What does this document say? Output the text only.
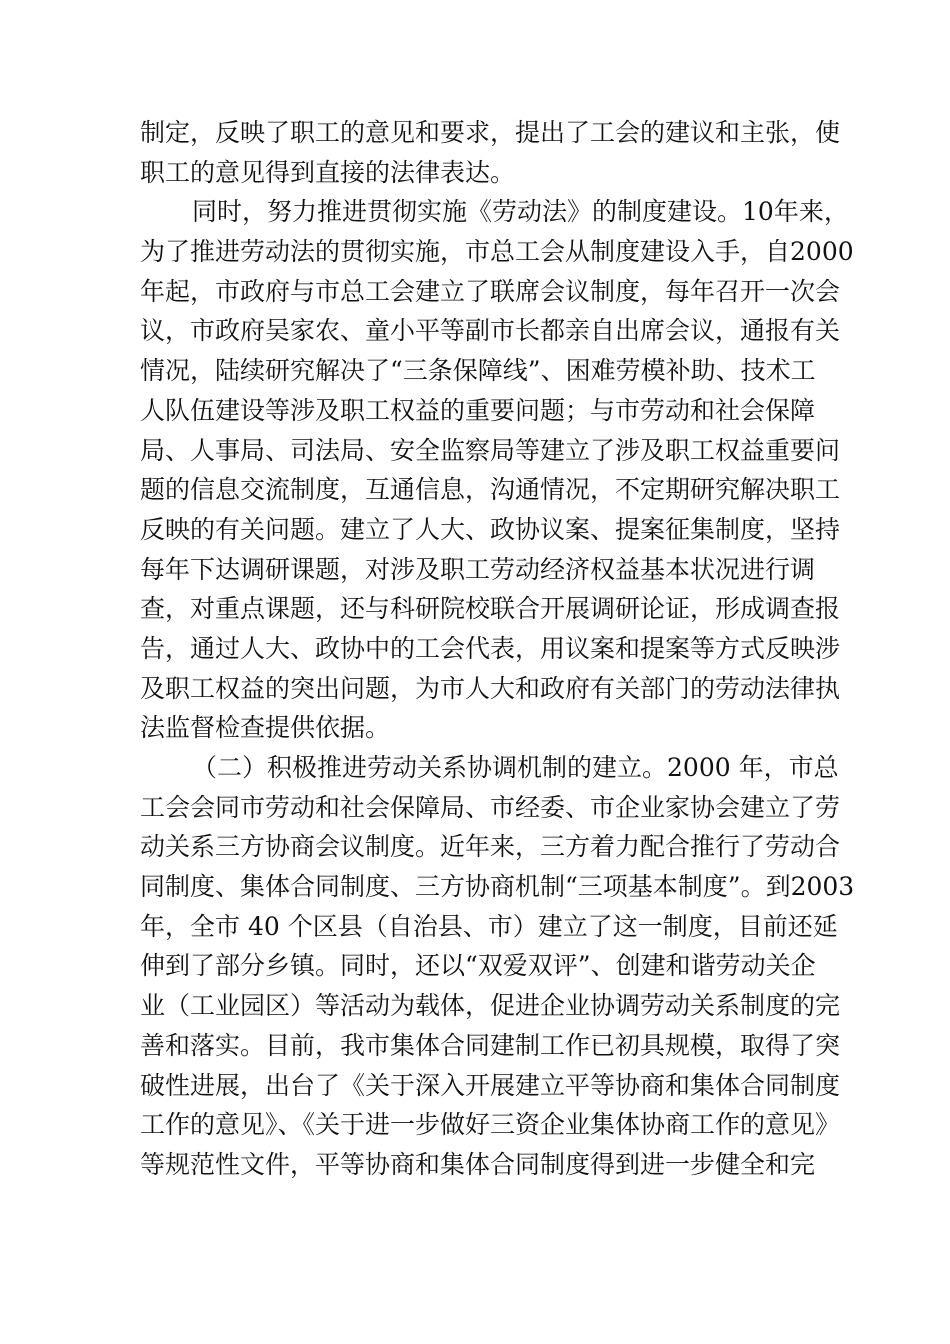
制定，反映了职工的意见和要求，提出了工会的建议和主张，使
职工的意见得到直接的法律表达。
同时，努力推进贯彻实施《劳动法》的制度建设。10年来，
为了推进劳动法的贯彻实施，市总工会从制度建设入手，自2000
年起，市政府与市总工会建立了联席会议制度，每年召开一次会
议，市政府吴家农、童小平等副市长都亲自出席会议，通报有关
情况，陆续研究解决了“三条保障线”、困难劳模补助、技术工
人队伍建设等涉及职工权益的重要问题；与市劳动和社会保障
局、人事局、司法局、安全监察局等建立了涉及职工权益重要问
题的信息交流制度，互通信息，沟通情况，不定期研究解决职工
反映的有关问题。建立了人大、政协议案、提案征集制度，坚持
每年下达调研课题，对涉及职工劳动经济权益基本状况进行调
查，对重点课题，还与科研院校联合开展调研论证，形成调查报
告，通过人大、政协中的工会代表，用议案和提案等方式反映涉
及职工权益的突出问题，为市人大和政府有关部门的劳动法律执
法监督检查提供依据。
（二）积极推进劳动关系协调机制的建立。2000 年，市总
工会会同市劳动和社会保障局、市经委、市企业家协会建立了劳
动关系三方协商会议制度。近年来，三方着力配合推行了劳动合
同制度、集体合同制度、三方协商机制“三项基本制度”。到2003
年，全市 40 个区县（自治县、市）建立了这一制度，目前还延
伸到了部分乡镇。同时，还以“双爱双评”、创建和谐劳动关企
业（工业园区）等活动为载体，促进企业协调劳动关系制度的完
善和落实。目前，我市集体合同建制工作已初具规模，取得了突
破性进展，出台了《关于深入开展建立平等协商和集体合同制度
工作的意见》、《关于进一步做好三资企业集体协商工作的意见》
等规范性文件，平等协商和集体合同制度得到进一步健全和完
